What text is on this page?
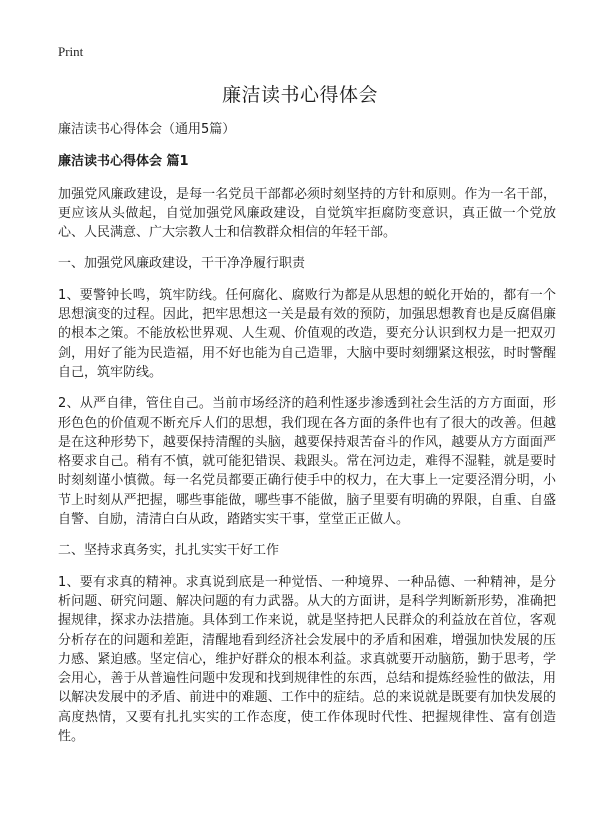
Print
廉洁读书心得体会

廉洁读书心得体会（通用5篇）

廉洁读书心得体会 篇1

加强党风廉政建设，是每一名党员干部都必须时刻坚持的方针和原则。作为一名干部，更应该从头做起，自觉加强党风廉政建设，自觉筑牢拒腐防变意识，真正做一个党放心、人民满意、广大宗教人士和信教群众相信的年轻干部。

一、加强党风廉政建设，干干净净履行职责

1、要警钟长鸣，筑牢防线。任何腐化、腐败行为都是从思想的蜕化开始的，都有一个思想演变的过程。因此，把牢思想这一关是最有效的预防，加强思想教育也是反腐倡廉的根本之策。不能放松世界观、人生观、价值观的改造，要充分认识到权力是一把双刃剑，用好了能为民造福，用不好也能为自己造罪，大脑中要时刻绷紧这根弦，时时警醒自己，筑牢防线。

2、从严自律，管住自己。当前市场经济的趋利性逐步渗透到社会生活的方方面面，形形色色的价值观不断充斥人们的思想，我们现在各方面的条件也有了很大的改善。但越是在这种形势下，越要保持清醒的头脑，越要保持艰苦奋斗的作风，越要从方方面面严格要求自己。稍有不慎，就可能犯错误、栽跟头。常在河边走，难得不湿鞋，就是要时时刻刻谨小慎微。每一名党员都要正确行使手中的权力，在大事上一定要泾渭分明，小节上时刻从严把握，哪些事能做，哪些事不能做，脑子里要有明确的界限，自重、自盛自警、自励，清清白白从政，踏踏实实干事，堂堂正正做人。

二、坚持求真务实，扎扎实实干好工作

1、要有求真的精神。求真说到底是一种觉悟、一种境界、一种品德、一种精神，是分析问题、研究问题、解决问题的有力武器。从大的方面讲，是科学判断新形势，准确把握规律，探求办法措施。具体到工作来说，就是坚持把人民群众的利益放在首位，客观分析存在的问题和差距，清醒地看到经济社会发展中的矛盾和困难，增强加快发展的压力感、紧迫感。坚定信心，维护好群众的根本利益。求真就要开动脑筋，勤于思考，学会用心，善于从普遍性问题中发现和找到规律性的东西，总结和提炼经验性的做法，用以解决发展中的矛盾、前进中的难题、工作中的症结。总的来说就是既要有加快发展的高度热情，又要有扎扎实实的工作态度，使工作体现时代性、把握规律性、富有创造性。
